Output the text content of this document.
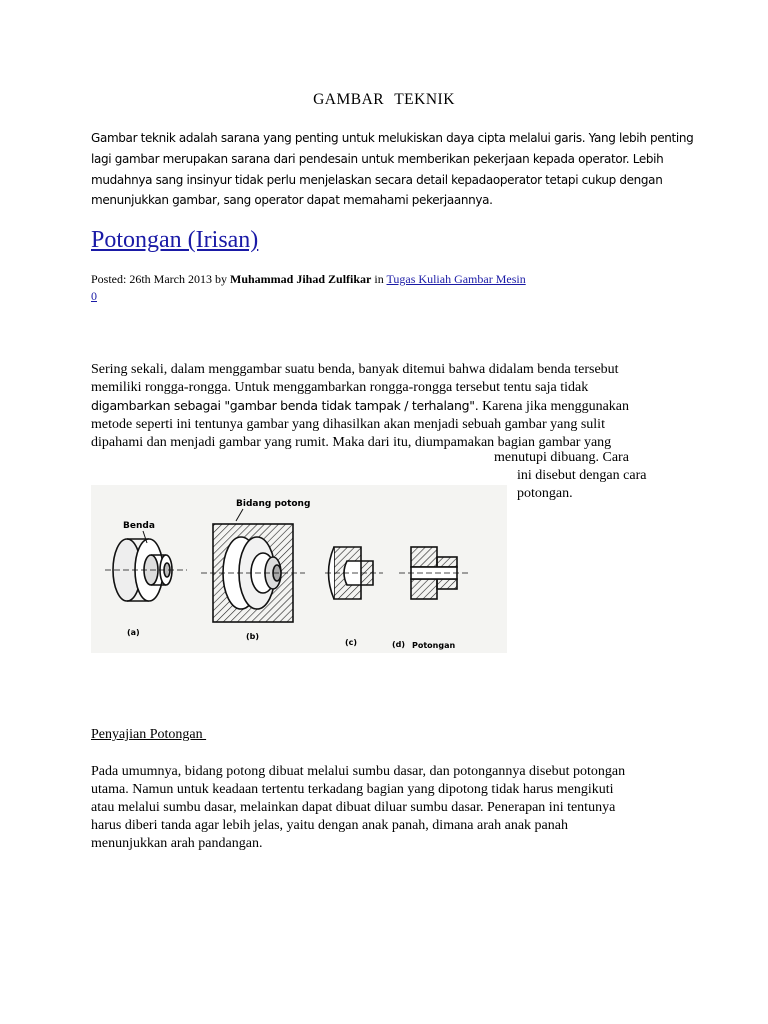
GAMBAR TEKNIK
Gambar teknik adalah sarana yang penting untuk melukiskan daya cipta melalui garis. Yang lebih penting
lagi gambar merupakan sarana dari pendesain untuk memberikan pekerjaan kepada operator. Lebih
mudahnya sang insinyur tidak perlu menjelaskan secara detail kepadaoperator tetapi cukup dengan
menunjukkan gambar, sang operator dapat memahami pekerjaannya.
Potongan (Irisan)
Posted: 26th March 2013 by Muhammad Jihad Zulfikar in Tugas Kuliah Gambar Mesin
0
Sering sekali, dalam menggambar suatu benda, banyak ditemui bahwa didalam benda tersebut
memiliki rongga-rongga. Untuk menggambarkan rongga-rongga tersebut tentu saja tidak
digambarkan sebagai "gambar benda tidak tampak / terhalang". Karena jika menggunakan
metode seperti ini tentunya gambar yang dihasilkan akan menjadi sebuah gambar yang sulit
dipahami dan menjadi gambar yang rumit. Maka dari itu, diumpamakan bagian gambar yang
menutupi dibuang. Cara
ini disebut dengan cara
potongan.
Benda
(a)
Bidang potong
(b)
(c)	(d) Potongan
Penyajian Potongan
Pada umumnya, bidang potong dibuat melalui sumbu dasar, dan potongannya disebut potongan
utama. Namun untuk keadaan tertentu terkadang bagian yang dipotong tidak harus mengikuti
atau melalui sumbu dasar, melainkan dapat dibuat diluar sumbu dasar. Penerapan ini tentunya
harus diberi tanda agar lebih jelas, yaitu dengan anak panah, dimana arah anak panah
menunjukkan arah pandangan.
